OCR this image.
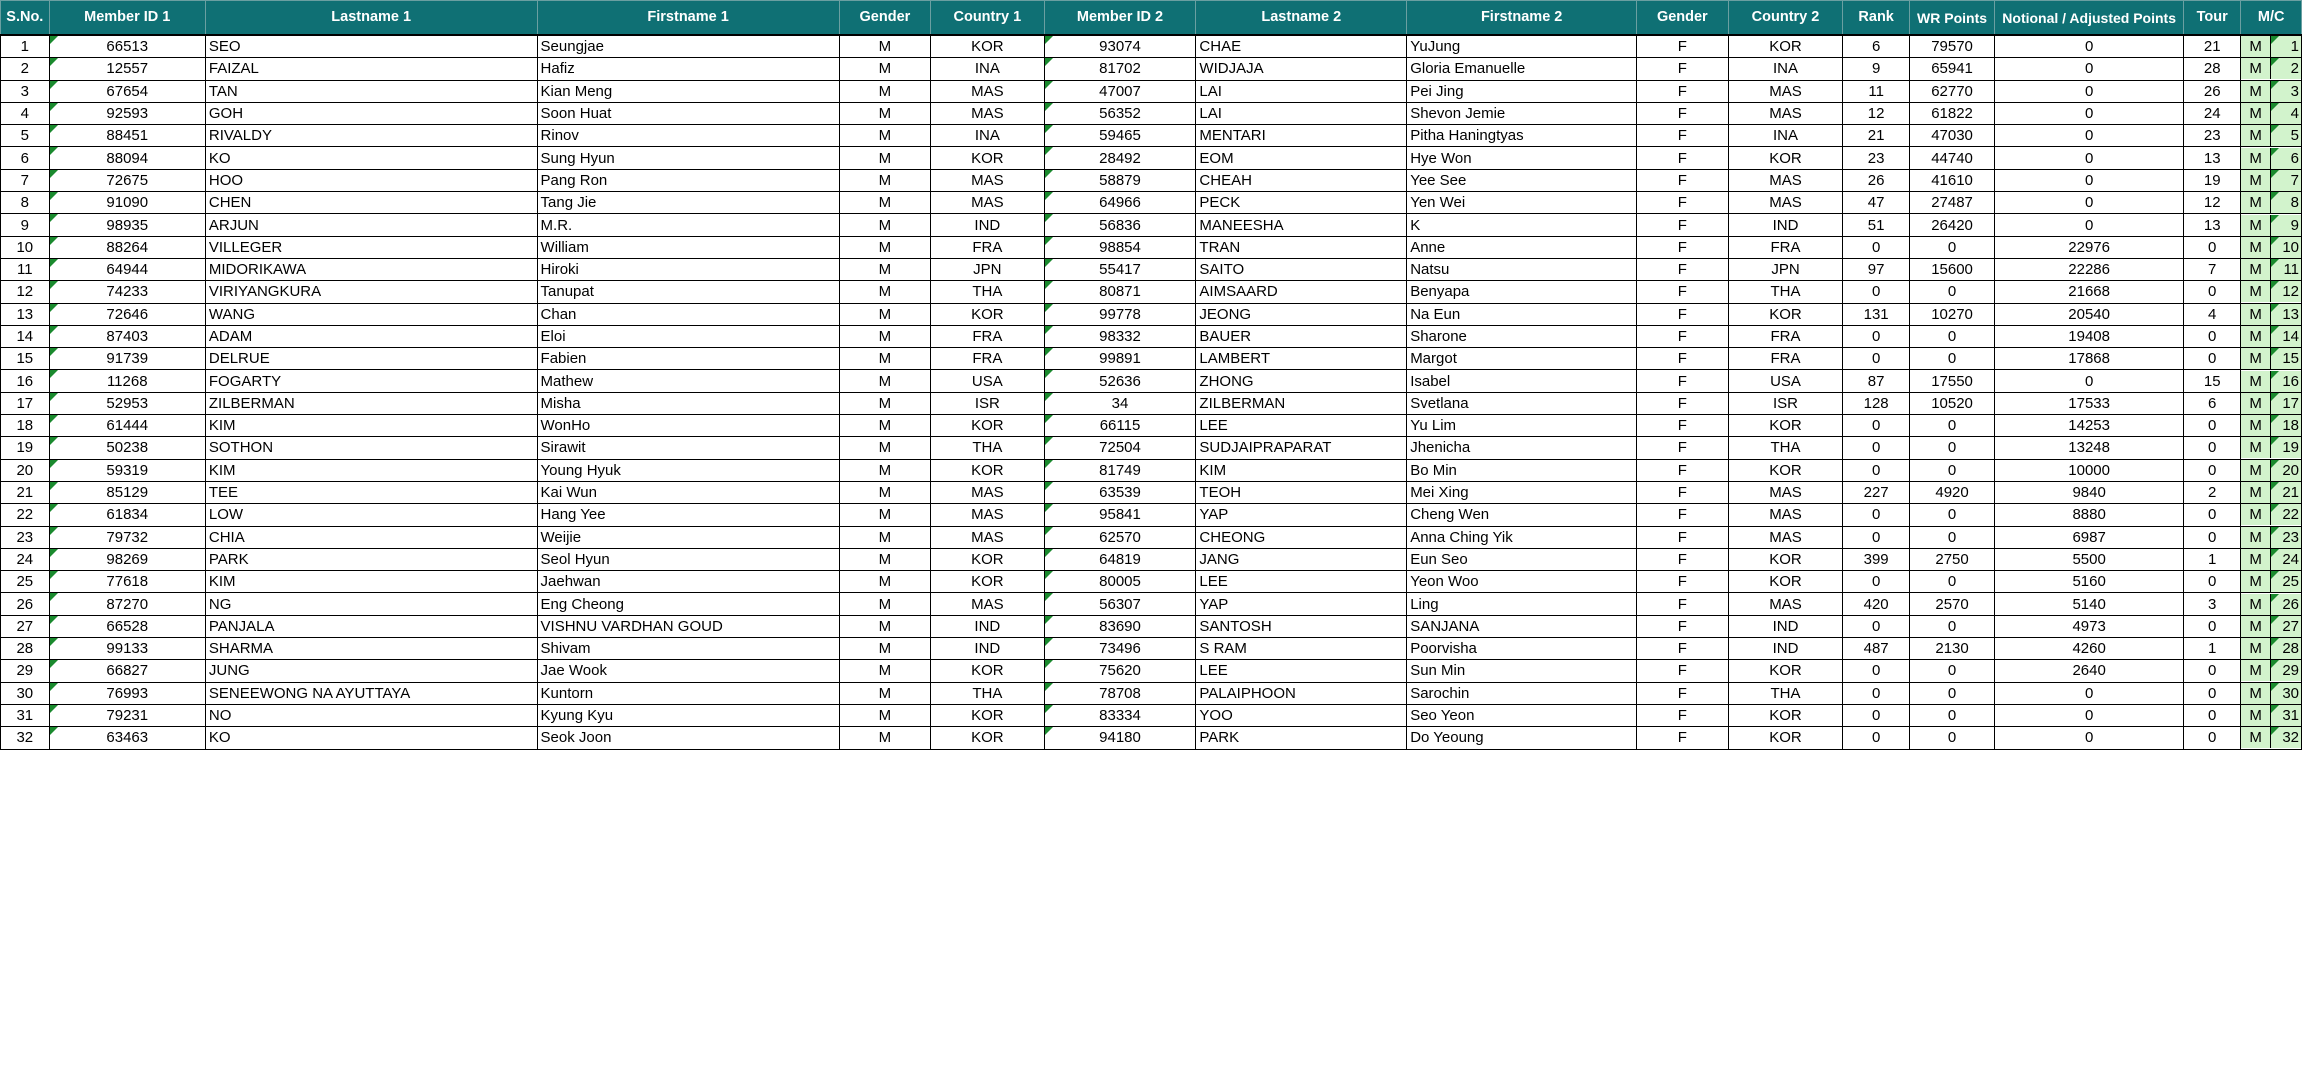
S.No.	Member ID 1	Lastname 1	Firstname 1	Gender	Country 1	Member ID 2	Lastname 2	Firstname 2	Gender	Country 2	Rank	WR Points	Notional / Adjusted Points	Tour	M/C
1	66513	SEO	Seungjae	M	KOR	93074	CHAE	YuJung	F	KOR	6	79570	0	21	M 1

2	12557	FAIZAL	Hafiz	M	INA	81702	WIDJAJA	Gloria Emanuelle	F	INA	9	65941	0	28	M 2

3	67654	TAN	Kian Meng	M	MAS	47007	LAI	Pei Jing	F	MAS	11	62770	0	26	M 3

4	92593	GOH	Soon Huat	M	MAS	56352	LAI	Shevon Jemie	F	MAS	12	61822	0	24	M 4

5	88451	RIVALDY	Rinov	M	INA	59465	MENTARI	Pitha Haningtyas	F	INA	21	47030	0	23	M 5

6	88094	KO	Sung Hyun	M	KOR	28492	EOM	Hye Won	F	KOR	23	44740	0	13	M 6

7	72675	HOO	Pang Ron	M	MAS	58879	CHEAH	Yee See	F	MAS	26	41610	0	19	M 7

8	91090	CHEN	Tang Jie	M	MAS	64966	PECK	Yen Wei	F	MAS	47	27487	0	12	M 8

9	98935	ARJUN	M.R.	M	IND	56836	MANEESHA	K	F	IND	51	26420	0	13	M 9

10	88264	VILLEGER	William	M	FRA	98854	TRAN	Anne	F	FRA	0	0	22976	0	M 10

11	64944	MIDORIKAWA	Hiroki	M	JPN	55417	SAITO	Natsu	F	JPN	97	15600	22286	7	M 11

12	74233	VIRIYANGKURA	Tanupat	M	THA	80871	AIMSAARD	Benyapa	F	THA	0	0	21668	0	M 12

13	72646	WANG	Chan	M	KOR	99778	JEONG	Na Eun	F	KOR	131	10270	20540	4	M 13

14	87403	ADAM	Eloi	M	FRA	98332	BAUER	Sharone	F	FRA	0	0	19408	0	M 14

15	91739	DELRUE	Fabien	M	FRA	99891	LAMBERT	Margot	F	FRA	0	0	17868	0	M 15

16	11268	FOGARTY	Mathew	M	USA	52636	ZHONG	Isabel	F	USA	87	17550	0	15	M 16

17	52953	ZILBERMAN	Misha	M	ISR	34	ZILBERMAN	Svetlana	F	ISR	128	10520	17533	6	M 17

18	61444	KIM	WonHo	M	KOR	66115	LEE	Yu Lim	F	KOR	0	0	14253	0	M 18

19	50238	SOTHON	Sirawit	M	THA	72504	SUDJAIPRAPARAT	Jhenicha	F	THA	0	0	13248	0	M 19

20	59319	KIM	Young Hyuk	M	KOR	81749	KIM	Bo Min	F	KOR	0	0	10000	0	M 20

21	85129	TEE	Kai Wun	M	MAS	63539	TEOH	Mei Xing	F	MAS	227	4920	9840	2	M 21

22	61834	LOW	Hang Yee	M	MAS	95841	YAP	Cheng Wen	F	MAS	0	0	8880	0	M 22

23	79732	CHIA	Weijie	M	MAS	62570	CHEONG	Anna Ching Yik	F	MAS	0	0	6987	0	M 23

24	98269	PARK	Seol Hyun	M	KOR	64819	JANG	Eun Seo	F	KOR	399	2750	5500	1	M 24

25	77618	KIM	Jaehwan	M	KOR	80005	LEE	Yeon Woo	F	KOR	0	0	5160	0	M 25

26	87270	NG	Eng Cheong	M	MAS	56307	YAP	Ling	F	MAS	420	2570	5140	3	M 26

27	66528	PANJALA	VISHNU VARDHAN GOUD	M	IND	83690	SANTOSH	SANJANA	F	IND	0	0	4973	0	M 27

28	99133	SHARMA	Shivam	M	IND	73496	S RAM	Poorvisha	F	IND	487	2130	4260	1	M 28

29	66827	JUNG	Jae Wook	M	KOR	75620	LEE	Sun Min	F	KOR	0	0	2640	0	M 29

30	76993	SENEEWONG NA AYUTTAYA	Kuntorn	M	THA	78708	PALAIPHOON	Sarochin	F	THA	0	0	0	0	M 30

31	79231	NO	Kyung Kyu	M	KOR	83334	YOO	Seo Yeon	F	KOR	0	0	0	0	M 31

32	63463	KO	Seok Joon	M	KOR	94180	PARK	Do Yeoung	F	KOR	0	0	0	0	M 32
